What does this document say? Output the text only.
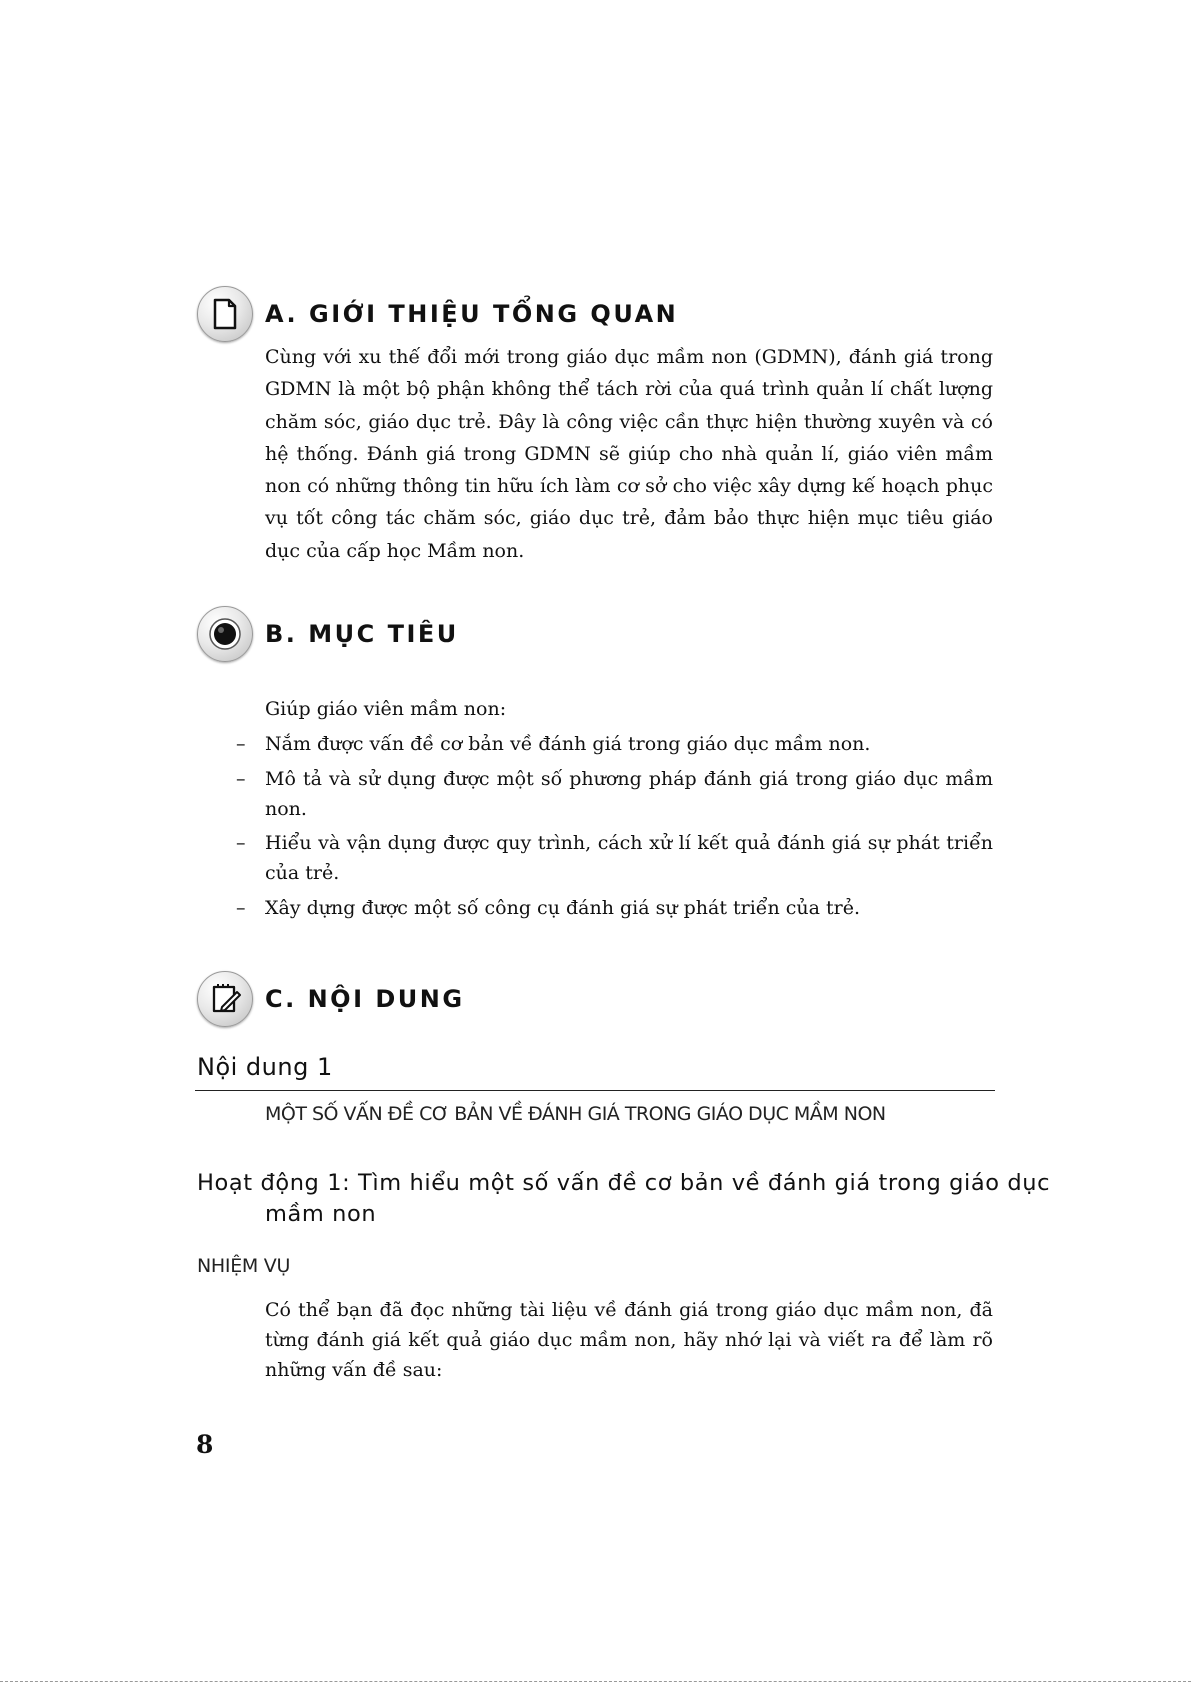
A. GIỚI THIỆU TỔNG QUAN

Cùng với xu thế đổi mới trong giáo dục mầm non (GDMN), đánh giá trong GDMN là một bộ phận không thể tách rời của quá trình quản lí chất lượng chăm sóc, giáo dục trẻ. Đây là công việc cần thực hiện thường xuyên và có hệ thống. Đánh giá trong GDMN sẽ giúp cho nhà quản lí, giáo viên mầm non có những thông tin hữu ích làm cơ sở cho việc xây dựng kế hoạch phục vụ tốt công tác chăm sóc, giáo dục trẻ, đảm bảo thực hiện mục tiêu giáo dục của cấp học Mầm non.

B. MỤC TIÊU

Giúp giáo viên mầm non:

– Nắm được vấn đề cơ bản về đánh giá trong giáo dục mầm non.
– Mô tả và sử dụng được một số phương pháp đánh giá trong giáo dục mầm non.
– Hiểu và vận dụng được quy trình, cách xử lí kết quả đánh giá sự phát triển của trẻ.
– Xây dựng được một số công cụ đánh giá sự phát triển của trẻ.
C. NỘI DUNG
Nội dung 1
MỘT SỐ VẤN ĐỀ CƠ BẢN VỀ ĐÁNH GIÁ TRONG GIÁO DỤC MẦM NON
Hoạt động 1: Tìm hiểu một số vấn đề cơ bản về đánh giá trong giáo dục mầm non
NHIỆM VỤ

Có thể bạn đã đọc những tài liệu về đánh giá trong giáo dục mầm non, đã từng đánh giá kết quả giáo dục mầm non, hãy nhớ lại và viết ra để làm rõ những vấn đề sau:

8
